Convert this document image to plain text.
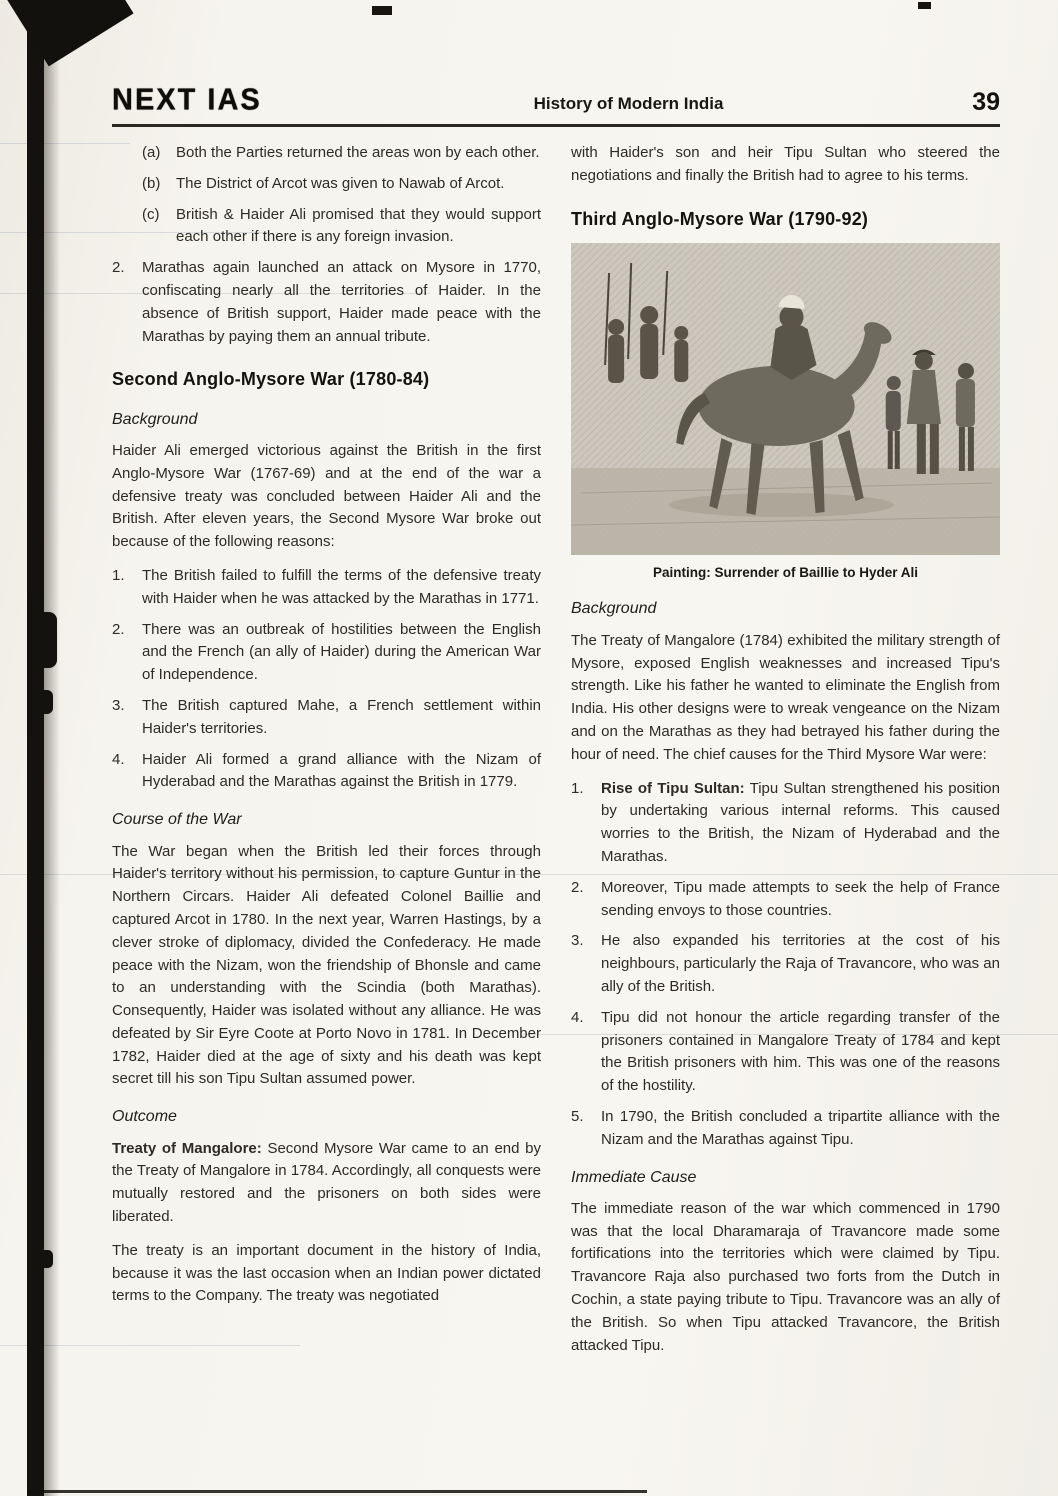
NEXT IAS	History of Modern India	39
(a)	Both the Parties returned the areas won by each other.
(b)	The District of Arcot was given to Nawab of Arcot.
(c)	British & Haider Ali promised that they would support each other if there is any foreign invasion.
2.	Marathas again launched an attack on Mysore in 1770, confiscating nearly all the territories of Haider. In the absence of British support, Haider made peace with the Marathas by paying them an annual tribute.
Second Anglo-Mysore War (1780-84)
Background

Haider Ali emerged victorious against the British in the first Anglo-Mysore War (1767-69) and at the end of the war a defensive treaty was concluded between Haider Ali and the British. After eleven years, the Second Mysore War broke out because of the following reasons:

1.	The British failed to fulfill the terms of the defensive treaty with Haider when he was attacked by the Marathas in 1771.
2.	There was an outbreak of hostilities between the English and the French (an ally of Haider) during the American War of Independence.
3.	The British captured Mahe, a French settlement within Haider's territories.
4.	Haider Ali formed a grand alliance with the Nizam of Hyderabad and the Marathas against the British in 1779.
Course of the War

The War began when the British led their forces through Haider's territory without his permission, to capture Guntur in the Northern Circars. Haider Ali defeated Colonel Baillie and captured Arcot in 1780. In the next year, Warren Hastings, by a clever stroke of diplomacy, divided the Confederacy. He made peace with the Nizam, won the friendship of Bhonsle and came to an understanding with the Scindia (both Marathas). Consequently, Haider was isolated without any alliance. He was defeated by Sir Eyre Coote at Porto Novo in 1781. In December 1782, Haider died at the age of sixty and his death was kept secret till his son Tipu Sultan assumed power.

Outcome

Treaty of Mangalore: Second Mysore War came to an end by the Treaty of Mangalore in 1784. Accordingly, all conquests were mutually restored and the prisoners on both sides were liberated.

The treaty is an important document in the history of India, because it was the last occasion when an Indian power dictated terms to the Company. The treaty was negotiated

with Haider's son and heir Tipu Sultan who steered the negotiations and finally the British had to agree to his terms.

Third Anglo-Mysore War (1790-92)
Painting: Surrender of Baillie to Hyder Ali
Background

The Treaty of Mangalore (1784) exhibited the military strength of Mysore, exposed English weaknesses and increased Tipu's strength. Like his father he wanted to eliminate the English from India. His other designs were to wreak vengeance on the Nizam and on the Marathas as they had betrayed his father during the hour of need. The chief causes for the Third Mysore War were:

1.	Rise of Tipu Sultan: Tipu Sultan strengthened his position by undertaking various internal reforms. This caused worries to the British, the Nizam of Hyderabad and the Marathas.
2.	Moreover, Tipu made attempts to seek the help of France sending envoys to those countries.
3.	He also expanded his territories at the cost of his neighbours, particularly the Raja of Travancore, who was an ally of the British.
4.	Tipu did not honour the article regarding transfer of the prisoners contained in Mangalore Treaty of 1784 and kept the British prisoners with him. This was one of the reasons of the hostility.
5.	In 1790, the British concluded a tripartite alliance with the Nizam and the Marathas against Tipu.
Immediate Cause

The immediate reason of the war which commenced in 1790 was that the local Dharamaraja of Travancore made some fortifications into the territories which were claimed by Tipu. Travancore Raja also purchased two forts from the Dutch in Cochin, a state paying tribute to Tipu. Travancore was an ally of the British. So when Tipu attacked Travancore, the British attacked Tipu.
